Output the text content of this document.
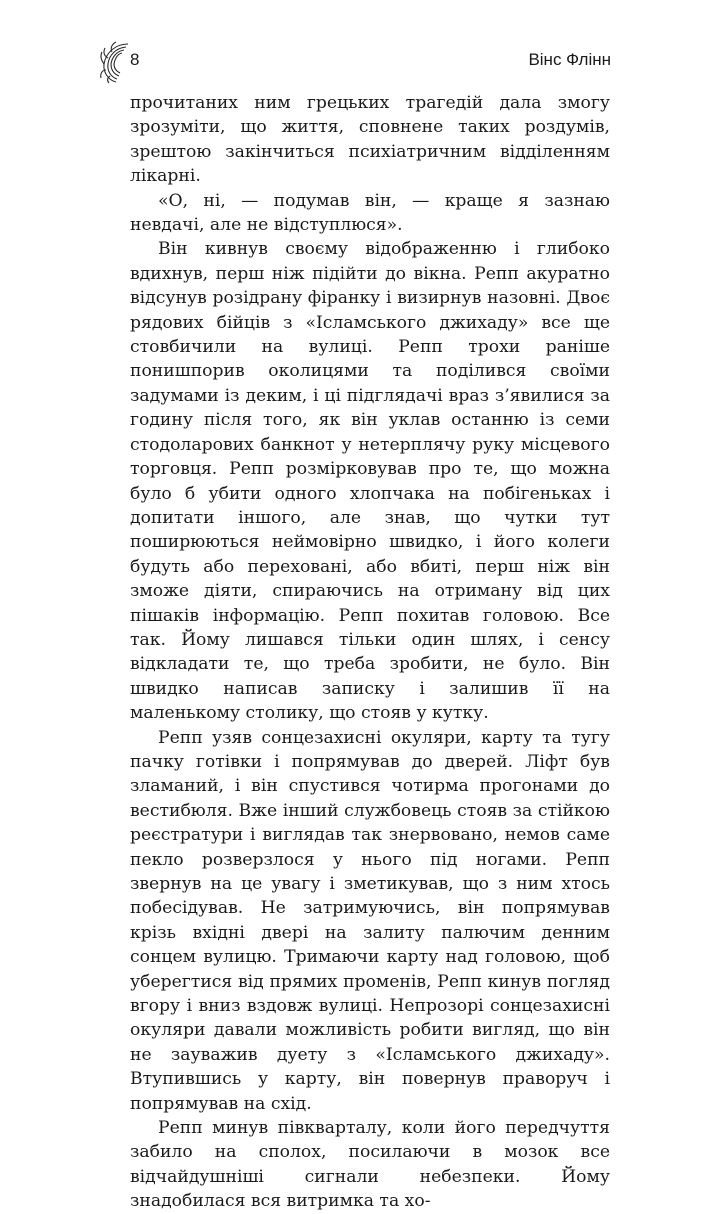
8	Вінс Флінн

прочитаних ним грецьких трагедій дала змогу зрозуміти, що життя, сповнене таких роздумів, зрештою закінчиться психіатричним відділенням лікарні.

«О, ні, — подумав він, — краще я зазнаю невдачі, але не відступлюся».

Він кивнув своєму відображенню і глибоко вдихнув, перш ніж підійти до вікна. Репп акуратно відсунув розідрану фіранку і визирнув назовні. Двоє рядових бійців з «Ісламського джихаду» все ще стовбичили на вулиці. Репп трохи раніше понишпорив околицями та поділився своїми задумами із деким, і ці підглядачі враз з’явилися за годину після того, як він уклав останню із семи стодоларових банкнот у нетерплячу руку місцевого торговця. Репп розмірковував про те, що можна було б убити одного хлопчака на побігеньках і допитати іншого, але знав, що чутки тут поширюються неймовірно швидко, і його колеги будуть або переховані, або вбиті, перш ніж він зможе діяти, спираючись на отриману від цих пішаків інформацію. Репп похитав головою. Все так. Йому лишався тільки один шлях, і сенсу відкладати те, що треба зробити, не було. Він швидко написав записку і залишив її на маленькому столику, що стояв у кутку.

Репп узяв сонцезахисні окуляри, карту та тугу пачку готівки і попрямував до дверей. Ліфт був зламаний, і він спустився чотирма прогонами до вестибюля. Вже інший службовець стояв за стійкою реєстратури і виглядав так знервовано, немов саме пекло розверзлося у нього під ногами. Репп звернув на це увагу і зметикував, що з ним хтось побесідував. Не затримуючись, він попрямував крізь вхідні двері на залиту палючим денним сонцем вулицю. Тримаючи карту над головою, щоб уберегтися від прямих променів, Репп кинув погляд вгору і вниз вздовж вулиці. Непрозорі сонцезахисні окуляри давали можливість робити вигляд, що він не зауважив дуету з «Ісламського джихаду». Втупившись у карту, він повернув праворуч і попрямував на схід.

Репп минув півкварталу, коли його передчуття забило на сполох, посилаючи в мозок все відчайдушніші сигнали небезпеки. Йому знадобилася вся витримка та хо-
